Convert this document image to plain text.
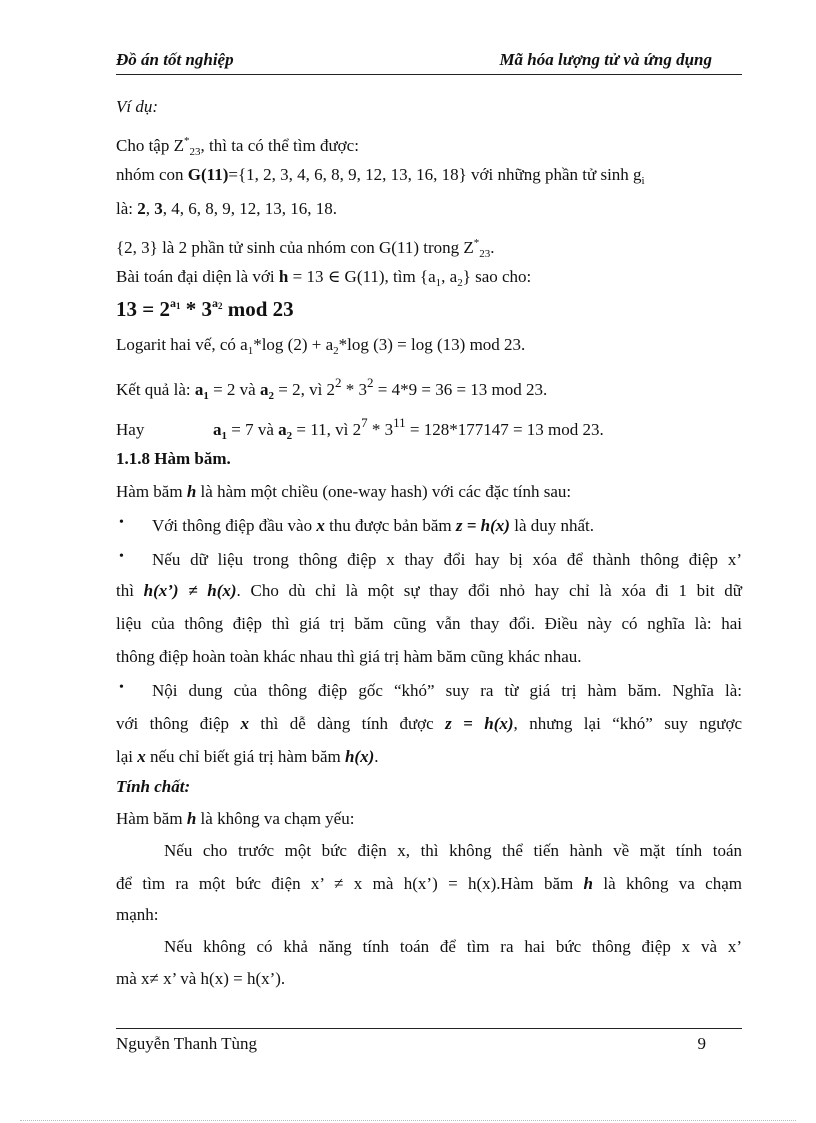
Đồ án tốt nghiệp	Mã hóa lượng tử và ứng dụng
Ví dụ:
Cho tập $Z^*_{23}$, thì ta có thể tìm được:
nhóm con G(11)={1, 2, 3, 4, 6, 8, 9, 12, 13, 16, 18} với những phần tử $\sinh g_i$
là: 2, 3, 4, 6, 8, 9, 12, 13, 16, 18.
{2, 3} là 2 phần tử sinh của nhóm con G(11) trong $Z^*_{23}$.
Bài toán đại diện là với h = 13 ∈ G(11), tìm {$a_1$, $a_2$} sao cho:
$13 = 2^{a1} * 3^{a2}$ mod 23
Logarit hai vế, có $a_1*\log$ $(2) + a_2*\log$ (3) = log (13) mod 23.
Kết quả là: $a_1 = 2$ và $a_2 = 2$, vì $2^2 * 3^2 = 4*9 = 36 = 13$ mod 23.
Hay	$a_1 = 7$ và $a_2 = 11$, vì $2^7 * 3^{11} = 128*177147 = 13$ mod 23.
1.1.8 Hàm băm.
Hàm băm h là hàm một chiều (one-way hash) với các đặc tính sau:
• Với thông điệp đầu vào x thu được bản băm z = h(x) là duy nhất.
• Nếu dữ liệu trong thông điệp x thay đổi hay bị xóa để thành thông điệp x’
thì h(x’) ≠ h(x). Cho dù chỉ là một sự thay đổi nhỏ hay chỉ là xóa đi 1 bit dữ
liệu của thông điệp thì giá trị băm cũng vẫn thay đổi. Điều này có nghĩa là: hai
thông điệp hoàn toàn khác nhau thì giá trị hàm băm cũng khác nhau.
• Nội dung của thông điệp gốc “khó” suy ra từ giá trị hàm băm. Nghĩa là:
với thông điệp x thì dễ dàng tính được z = h(x), nhưng lại “khó” suy ngược
lại x nếu chỉ biết giá trị hàm băm h(x).
Tính chất:
Hàm băm h là không va chạm yếu:
Nếu cho trước một bức điện x, thì không thể tiến hành về mặt tính toán
để tìm ra một bức điện x’ ≠ x mà h(x’) = h(x).Hàm băm h là không va chạm
mạnh:
Nếu không có khả năng tính toán để tìm ra hai bức thông điệp x và x’
mà x≠ x’ và h(x) = h(x’).
Nguyễn Thanh Tùng	9
